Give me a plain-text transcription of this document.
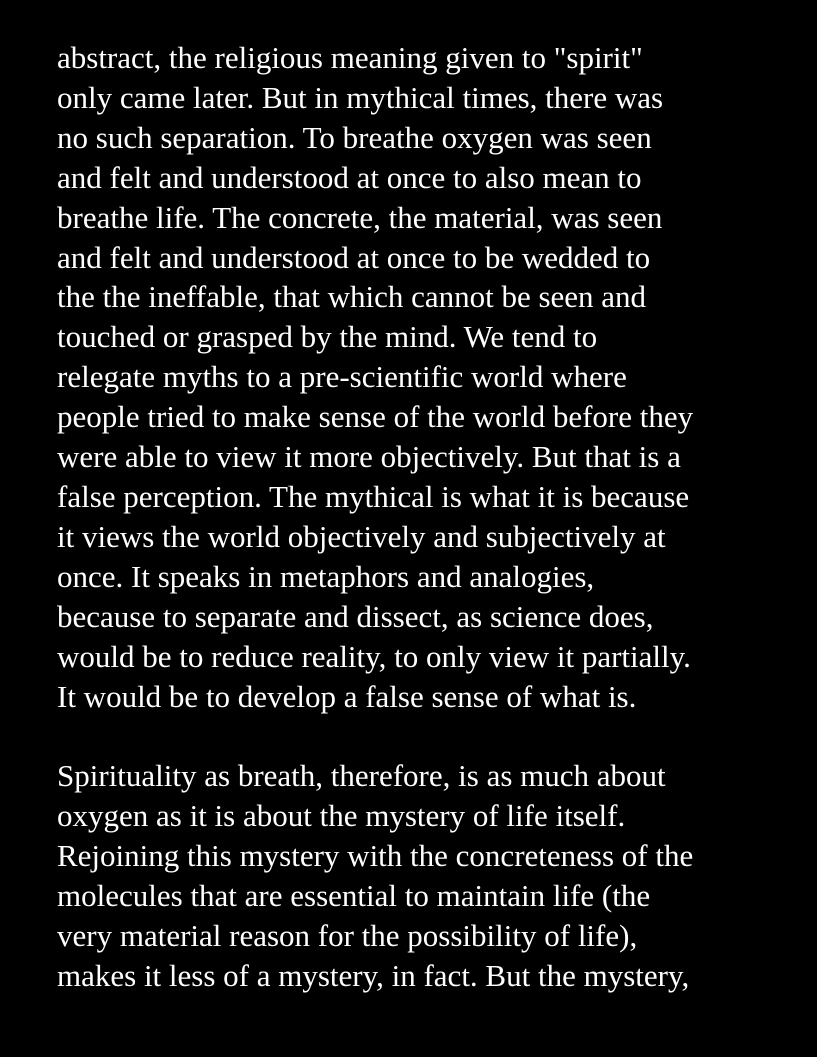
abstract, the religious meaning given to "spirit"
only came later. But in mythical times, there was
no such separation. To breathe oxygen was seen
and felt and understood at once to also mean to
breathe life. The concrete, the material, was seen
and felt and understood at once to be wedded to
the the ineffable, that which cannot be seen and
touched or grasped by the mind. We tend to
relegate myths to a pre-scientific world where
people tried to make sense of the world before they
were able to view it more objectively. But that is a
false perception. The mythical is what it is because
it views the world objectively and subjectively at
once. It speaks in metaphors and analogies,
because to separate and dissect, as science does,
would be to reduce reality, to only view it partially.
It would be to develop a false sense of what is.

Spirituality as breath, therefore, is as much about
oxygen as it is about the mystery of life itself.
Rejoining this mystery with the concreteness of the
molecules that are essential to maintain life (the
very material reason for the possibility of life),
makes it less of a mystery, in fact. But the mystery,
